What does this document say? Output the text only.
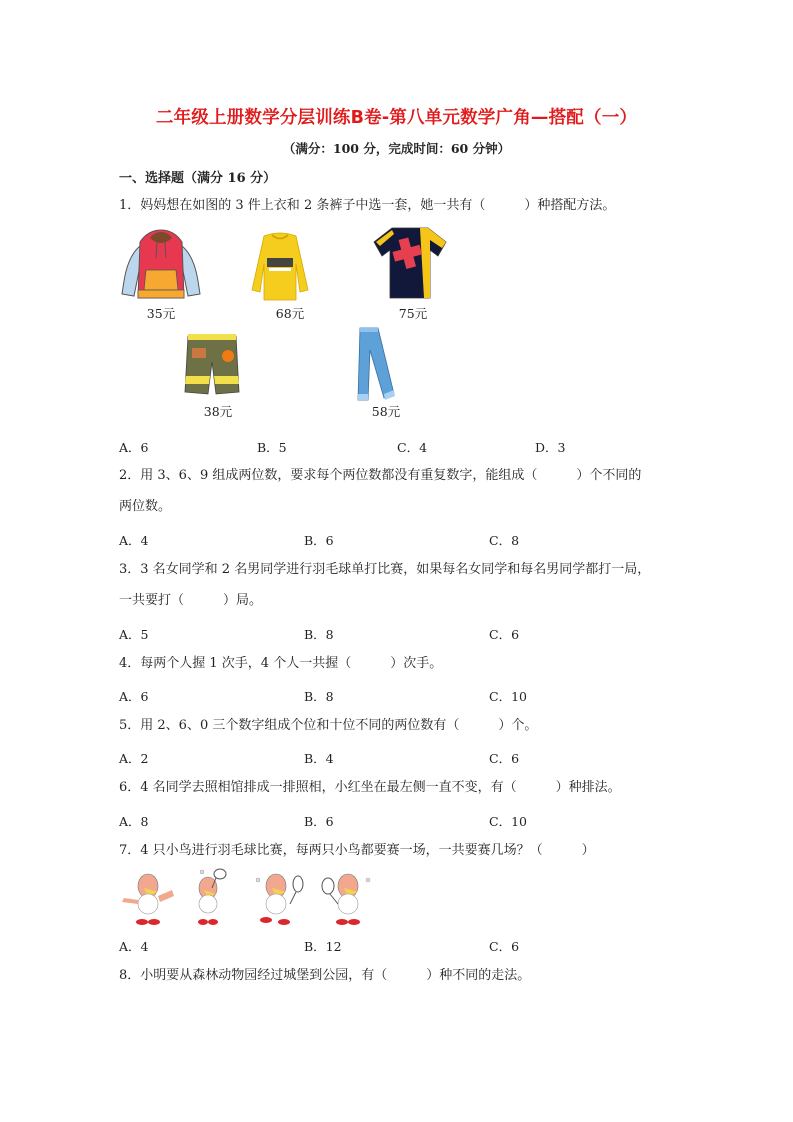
二年级上册数学分层训练B卷-第八单元数学广角—搭配（一）
（满分：100 分，完成时间：60 分钟）
一、选择题（满分 16 分）
1．妈妈想在如图的 3 件上衣和 2 条裤子中选一套，她一共有（　　　）种搭配方法。
35元	68元	75元
38元	58元
A．6	B．5	C．4	D．3
2．用 3、6、9 组成两位数，要求每个两位数都没有重复数字，能组成（　　　）个不同的
两位数。
A．4	B．6	C．8
3．3 名女同学和 2 名男同学进行羽毛球单打比赛，如果每名女同学和每名男同学都打一局，
一共要打（　　　）局。
A．5	B．8	C．6
4．每两个人握 1 次手，4 个人一共握（　　　）次手。
A．6	B．8	C．10
5．用 2、6、0 三个数字组成个位和十位不同的两位数有（　　　）个。
A．2	B．4	C．6
6．4 名同学去照相馆排成一排照相，小红坐在最左侧一直不变，有（　　　）种排法。
A．8	B．6	C．10
7．4 只小鸟进行羽毛球比赛，每两只小鸟都要赛一场，一共要赛几场？（　　　）
A．4	B．12	C．6
8．小明要从森林动物园经过城堡到公园，有（　　　）种不同的走法。
